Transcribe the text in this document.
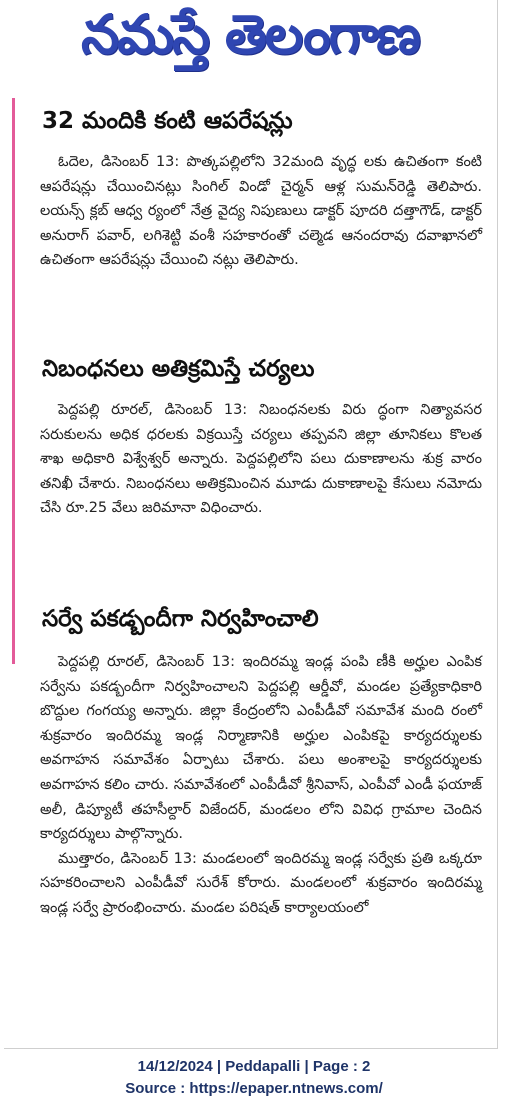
నమస్తే తెలంగాణ
32 మందికి కంటి ఆపరేషన్లు

ఓదెల, డిసెంబర్ 13: పొత్కపల్లిలోని 32మంది వృద్ధ లకు ఉచితంగా కంటి ఆపరేషన్లు చేయించినట్లు సింగిల్ విండో చైర్మన్ ఆళ్ల సుమన్‌రెడ్డి తెలిపారు. లయన్స్ క్లబ్ ఆధ్వ ర్యంలో నేత్ర వైద్య నిపుణులు డాక్టర్ పూదరి దత్తాగౌడ్, డాక్టర్ అనురాగ్ పవార్, లగిశెట్టి వంశీ సహకారంతో చల్మెడ ఆనందరావు దవాఖానలో ఉచితంగా ఆపరేషన్లు చేయించి నట్లు తెలిపారు.

నిబంధనలు అతిక్రమిస్తే చర్యలు

పెద్దపల్లి రూరల్, డిసెంబర్ 13: నిబంధనలకు విరు ద్ధంగా నిత్యావసర సరుకులను అధిక ధరలకు విక్రయిస్తే చర్యలు తప్పవని జిల్లా తూనికలు కొలత శాఖ అధికారి విశ్వేశ్వర్ అన్నారు. పెద్దపల్లిలోని పలు దుకాణాలను శుక్ర వారం తనిఖీ చేశారు. నిబంధనలు అతిక్రమించిన మూడు దుకాణాలపై కేసులు నమోదు చేసి రూ.25 వేలు జరిమానా విధించారు.

సర్వే పకడ్బందీగా నిర్వహించాలి

పెద్దపల్లి రూరల్, డిసెంబర్ 13: ఇందిరమ్మ ఇండ్ల పంపి ణీకి అర్హుల ఎంపిక సర్వేను పకడ్బందీగా నిర్వహించాలని పెద్దపల్లి ఆర్డీవో, మండల ప్రత్యేకాధికారి బొద్దుల గంగయ్య అన్నారు. జిల్లా కేంద్రంలోని ఎంపీడీవో సమావేశ మంది రంలో శుక్రవారం ఇందిరమ్మ ఇండ్ల నిర్మాణానికి అర్హుల ఎంపికపై కార్యదర్శులకు అవగాహన సమావేశం ఏర్పాటు చేశారు. పలు అంశాలపై కార్యదర్శులకు అవగాహన కలిం చారు. సమావేశంలో ఎంపీడీవో శ్రీనివాస్, ఎంపీవో ఎండీ ఫయాజ్ అలీ, డిప్యూటీ తహసీల్దార్ విజేందర్, మండలం లోని వివిధ గ్రామాల చెందిన కార్యదర్శులు పాల్గొన్నారు.

ముత్తారం, డిసెంబర్ 13: మండలంలో ఇందిరమ్మ ఇండ్ల సర్వేకు ప్రతి ఒక్కరూ సహకరించాలని ఎంపీడీవో సురేశ్ కోరారు. మండలంలో శుక్రవారం ఇందిరమ్మ ఇండ్ల సర్వే ప్రారంభించారు. మండల పరిషత్ కార్యాలయంలో

14/12/2024 | Peddapalli | Page : 2
Source : https://epaper.ntnews.com/
